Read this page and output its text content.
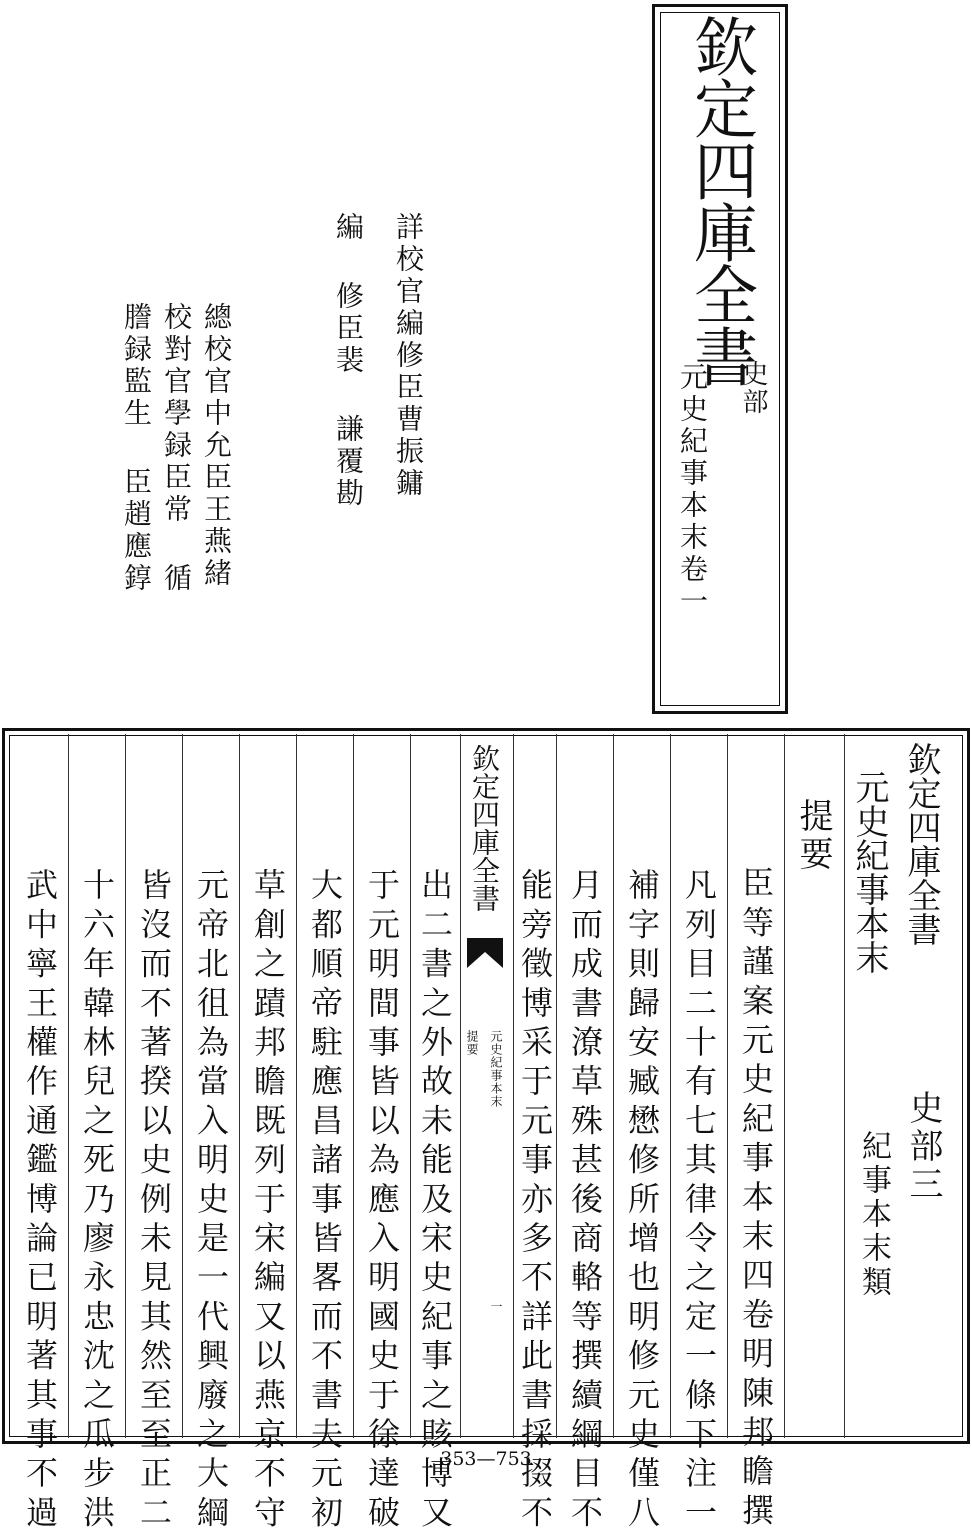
欽定四庫全書
史部
元史紀事本末卷一
詳校官編修臣曹振鏞
編 修臣裴 謙覆勘
總校官中允臣王燕緒
校對官學録臣常 循
謄録監生 臣趙應錞
欽定四庫全書
史部三
元史紀事本末
紀事本末類
提要
臣等謹案元史紀事本末四卷明陳邦瞻撰
凡列目二十有七其律令之定一條下注一
補字則歸安臧懋修所增也明修元史僅八
月而成書潦草殊甚後商輅等撰續綱目不
能旁徵博采于元事亦多不詳此書採掇不
欽定四庫全書
元史紀事本末
提要
一
出二書之外故未能及宋史紀事之賅博又
于元明間事皆以為應入明國史于徐達破
大都順帝駐應昌諸事皆畧而不書夫元初
草創之蹟邦瞻既列于宋編又以燕京不守
元帝北徂為當入明史是一代興廢之大綱
皆沒而不著揆以史例未見其然至至正二
十六年韓林兒之死乃廖永忠沈之瓜步洪
武中寧王權作通鑑博論已明著其事不過	353—753
